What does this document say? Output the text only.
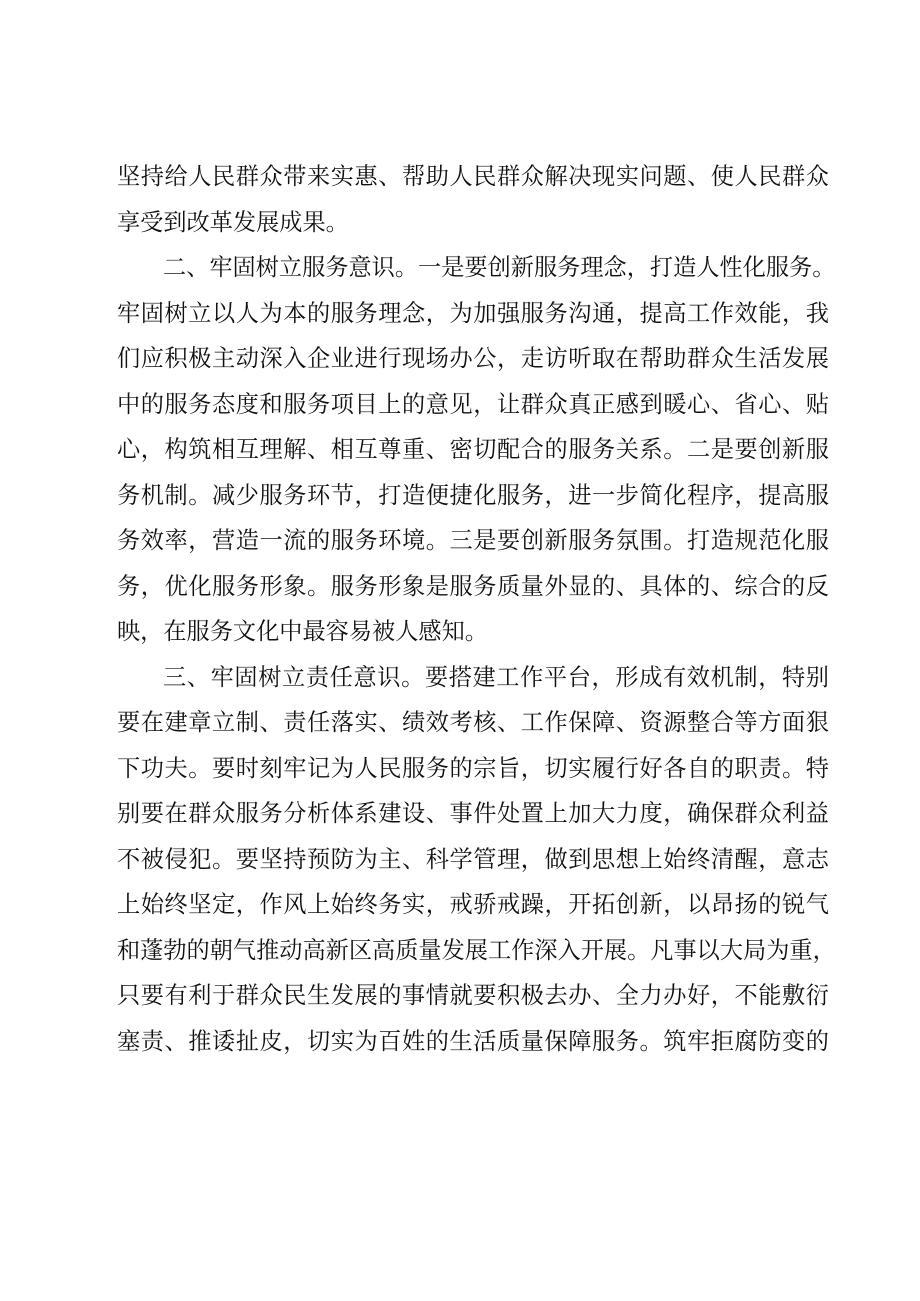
坚持给人民群众带来实惠、帮助人民群众解决现实问题、使人民群众
享受到改革发展成果。
二、牢固树立服务意识。一是要创新服务理念，打造人性化服务。
牢固树立以人为本的服务理念，为加强服务沟通，提高工作效能，我
们应积极主动深入企业进行现场办公，走访听取在帮助群众生活发展
中的服务态度和服务项目上的意见，让群众真正感到暖心、省心、贴
心，构筑相互理解、相互尊重、密切配合的服务关系。二是要创新服
务机制。减少服务环节，打造便捷化服务，进一步简化程序，提高服
务效率，营造一流的服务环境。三是要创新服务氛围。打造规范化服
务，优化服务形象。服务形象是服务质量外显的、具体的、综合的反
映，在服务文化中最容易被人感知。
三、牢固树立责任意识。要搭建工作平台，形成有效机制，特别
要在建章立制、责任落实、绩效考核、工作保障、资源整合等方面狠
下功夫。要时刻牢记为人民服务的宗旨，切实履行好各自的职责。特
别要在群众服务分析体系建设、事件处置上加大力度，确保群众利益
不被侵犯。要坚持预防为主、科学管理，做到思想上始终清醒，意志
上始终坚定，作风上始终务实，戒骄戒躁，开拓创新，以昂扬的锐气
和蓬勃的朝气推动高新区高质量发展工作深入开展。凡事以大局为重，
只要有利于群众民生发展的事情就要积极去办、全力办好，不能敷衍
塞责、推诿扯皮，切实为百姓的生活质量保障服务。筑牢拒腐防变的
